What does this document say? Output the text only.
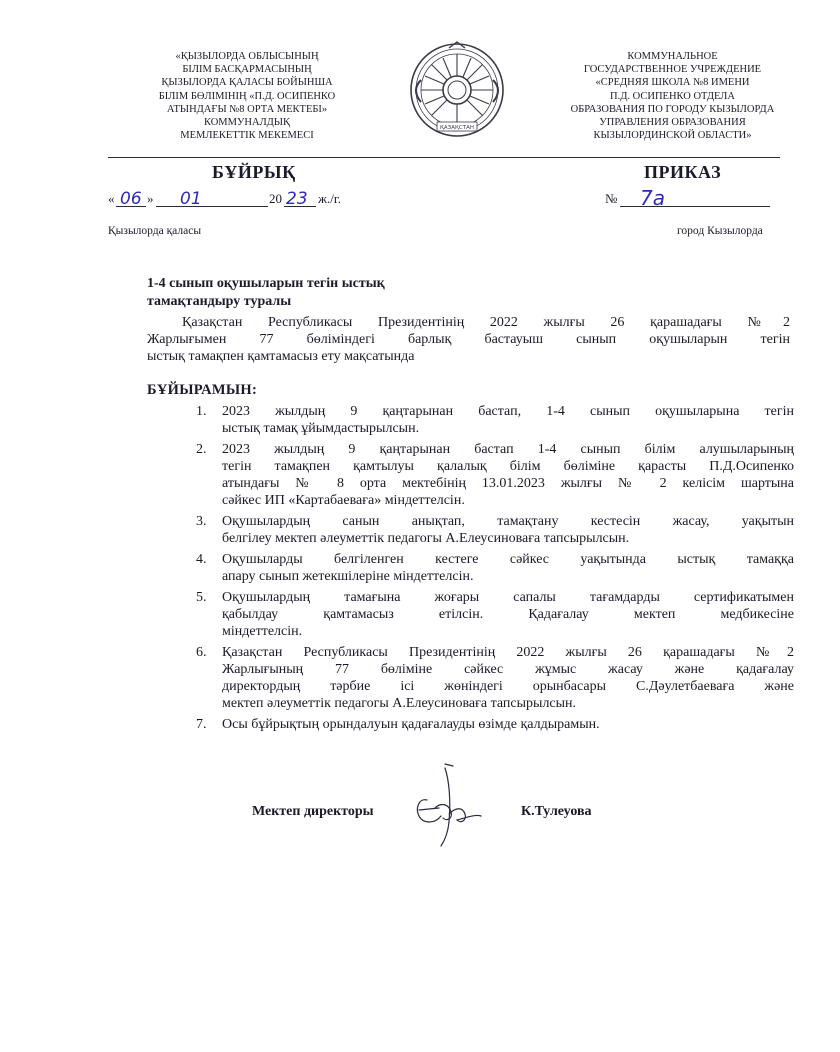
«ҚЫЗЫЛОРДА ОБЛЫСЫНЫҢ
БІЛІМ БАСҚАРМАСЫНЫҢ
ҚЫЗЫЛОРДА ҚАЛАСЫ БОЙЫНША
БІЛІМ БӨЛІМІНІҢ «П.Д. ОСИПЕНКО
АТЫНДАҒЫ №8 ОРТА МЕКТЕБІ»
КОММУНАЛДЫҚ
МЕМЛЕКЕТТІК МЕКЕМЕСІ
ҚАЗАҚСТАН
КОММУНАЛЬНОЕ
ГОСУДАРСТВЕННОЕ УЧРЕЖДЕНИЕ
«СРЕДНЯЯ ШКОЛА №8 ИМЕНИ
П.Д. ОСИПЕНКО ОТДЕЛА
ОБРАЗОВАНИЯ ПО ГОРОДУ КЫЗЫЛОРДА
УПРАВЛЕНИЯ ОБРАЗОВАНИЯ
КЫЗЫЛОРДИНСКОЙ ОБЛАСТИ»
БҰЙРЫҚ	ПРИКАЗ
« 06 » 01	20 23 ж./г.	№ 7а
Қызылорда қаласы	город Кызылорда
1-4 сынып оқушыларын тегін ыстық
тамақтандыру туралы
Қазақстан Республикасы Президентінің 2022 жылғы 26 қарашадағы №2
Жарлығымен 77 бөліміндегі барлық бастауыш сынып оқушыларын тегін
ыстық тамақпен қамтамасыз ету мақсатында
БҰЙЫРАМЫН:
1. 2023 жылдың 9 қаңтарынан бастап, 1-4 сынып оқушыларына тегін
ыстық тамақ ұйымдастырылсын.
2. 2023 жылдың 9 қаңтарынан бастап 1-4 сынып білім алушыларының
тегін тамақпен қамтылуы қалалық білім бөліміне қарасты П.Д.Осипенко
атындағы № 8 орта мектебінің 13.01.2023 жылғы № 2 келісім шартына
сәйкес ИП «Картабаеваға» міндеттелсін.
3. Оқушылардың санын анықтап, тамақтану кестесін жасау, уақытын
белгілеу мектеп әлеуметтік педагогы А.Елеусиноваға тапсырылсын.
4. Оқушыларды белгіленген кестеге сәйкес уақытында ыстық тамаққа
апару сынып жетекшілеріне міндеттелсін.
5. Оқушылардың тамағына жоғары сапалы тағамдарды сертификатымен
қабылдау қамтамасыз етілсін. Қадағалау мектеп медбикесіне
міндеттелсін.
6. Қазақстан Республикасы Президентінің 2022 жылғы 26 қарашадағы №2
Жарлығының 77 бөліміне сәйкес жұмыс жасау және қадағалау
директордың тәрбие ісі жөніндегі орынбасары С.Дәулетбаеваға және
мектеп әлеуметтік педагогы А.Елеусиноваға тапсырылсын.
7. Осы бұйрықтың орындалуын қадағалауды өзімде қалдырамын.
Мектеп директоры	К.Тулеуова
